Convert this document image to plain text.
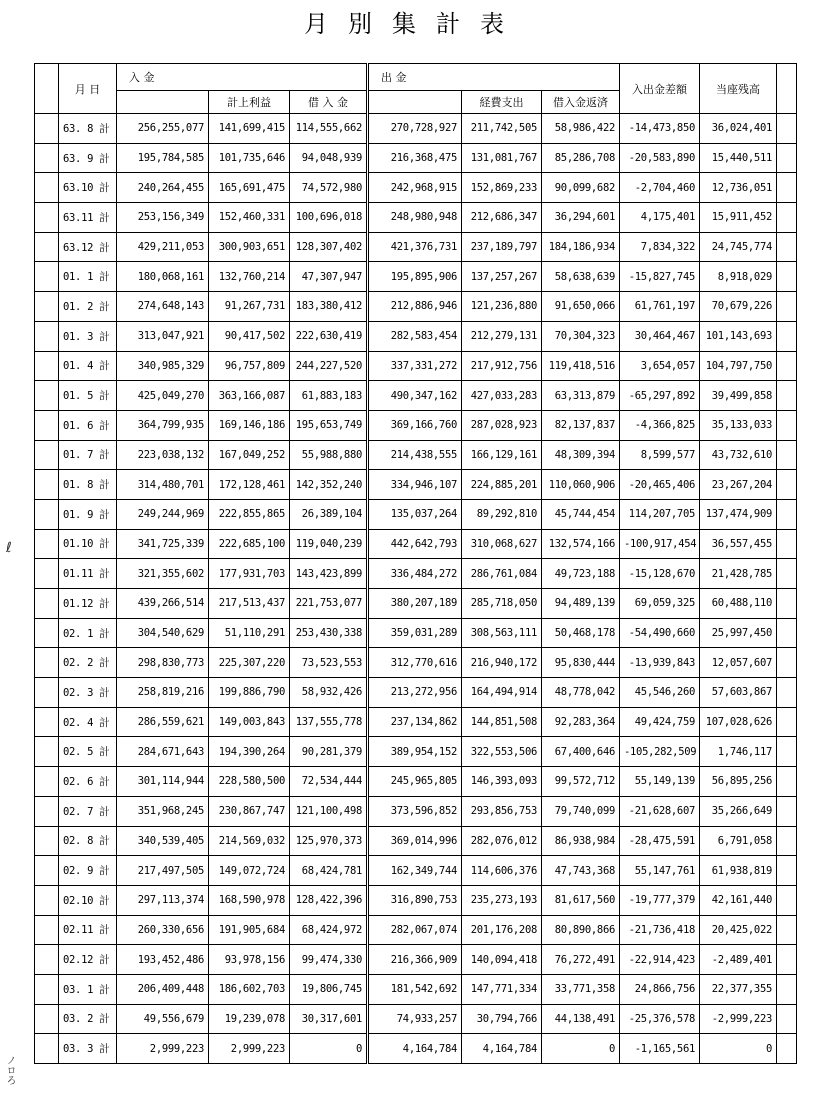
月別集計表
	月 日	入 金			出 金			入出金差額	当座残高	
			計上利益	借 入 金		経費支出	借入金返済			
	63. 8 計	256,255,077	141,699,415	114,555,662	270,728,927	211,742,505	58,986,422	-14,473,850	36,024,401	
	63. 9 計	195,784,585	101,735,646	94,048,939	216,368,475	131,081,767	85,286,708	-20,583,890	15,440,511	
	63.10 計	240,264,455	165,691,475	74,572,980	242,968,915	152,869,233	90,099,682	-2,704,460	12,736,051	
	63.11 計	253,156,349	152,460,331	100,696,018	248,980,948	212,686,347	36,294,601	4,175,401	15,911,452	
	63.12 計	429,211,053	300,903,651	128,307,402	421,376,731	237,189,797	184,186,934	7,834,322	24,745,774	
	01. 1 計	180,068,161	132,760,214	47,307,947	195,895,906	137,257,267	58,638,639	-15,827,745	8,918,029	
	01. 2 計	274,648,143	91,267,731	183,380,412	212,886,946	121,236,880	91,650,066	61,761,197	70,679,226	
	01. 3 計	313,047,921	90,417,502	222,630,419	282,583,454	212,279,131	70,304,323	30,464,467	101,143,693	
	01. 4 計	340,985,329	96,757,809	244,227,520	337,331,272	217,912,756	119,418,516	3,654,057	104,797,750	
	01. 5 計	425,049,270	363,166,087	61,883,183	490,347,162	427,033,283	63,313,879	-65,297,892	39,499,858	
	01. 6 計	364,799,935	169,146,186	195,653,749	369,166,760	287,028,923	82,137,837	-4,366,825	35,133,033	
	01. 7 計	223,038,132	167,049,252	55,988,880	214,438,555	166,129,161	48,309,394	8,599,577	43,732,610	
	01. 8 計	314,480,701	172,128,461	142,352,240	334,946,107	224,885,201	110,060,906	-20,465,406	23,267,204	
	01. 9 計	249,244,969	222,855,865	26,389,104	135,037,264	89,292,810	45,744,454	114,207,705	137,474,909	
	01.10 計	341,725,339	222,685,100	119,040,239	442,642,793	310,068,627	132,574,166	-100,917,454	36,557,455	
	01.11 計	321,355,602	177,931,703	143,423,899	336,484,272	286,761,084	49,723,188	-15,128,670	21,428,785	
	01.12 計	439,266,514	217,513,437	221,753,077	380,207,189	285,718,050	94,489,139	69,059,325	60,488,110	
	02. 1 計	304,540,629	51,110,291	253,430,338	359,031,289	308,563,111	50,468,178	-54,490,660	25,997,450	
	02. 2 計	298,830,773	225,307,220	73,523,553	312,770,616	216,940,172	95,830,444	-13,939,843	12,057,607	
	02. 3 計	258,819,216	199,886,790	58,932,426	213,272,956	164,494,914	48,778,042	45,546,260	57,603,867	
	02. 4 計	286,559,621	149,003,843	137,555,778	237,134,862	144,851,508	92,283,364	49,424,759	107,028,626	
	02. 5 計	284,671,643	194,390,264	90,281,379	389,954,152	322,553,506	67,400,646	-105,282,509	1,746,117	
	02. 6 計	301,114,944	228,580,500	72,534,444	245,965,805	146,393,093	99,572,712	55,149,139	56,895,256	
	02. 7 計	351,968,245	230,867,747	121,100,498	373,596,852	293,856,753	79,740,099	-21,628,607	35,266,649	
	02. 8 計	340,539,405	214,569,032	125,970,373	369,014,996	282,076,012	86,938,984	-28,475,591	6,791,058	
	02. 9 計	217,497,505	149,072,724	68,424,781	162,349,744	114,606,376	47,743,368	55,147,761	61,938,819	
	02.10 計	297,113,374	168,590,978	128,422,396	316,890,753	235,273,193	81,617,560	-19,777,379	42,161,440	
	02.11 計	260,330,656	191,905,684	68,424,972	282,067,074	201,176,208	80,890,866	-21,736,418	20,425,022	
	02.12 計	193,452,486	93,978,156	99,474,330	216,366,909	140,094,418	76,272,491	-22,914,423	-2,489,401	
	03. 1 計	206,409,448	186,602,703	19,806,745	181,542,692	147,771,334	33,771,358	24,866,756	22,377,355	
	03. 2 計	49,556,679	19,239,078	30,317,601	74,933,257	30,794,766	44,138,491	-25,376,578	-2,999,223	
	03. 3 計	2,999,223	2,999,223	0	4,164,784	4,164,784	0	-1,165,561	0	
ℓ
ノロろ
